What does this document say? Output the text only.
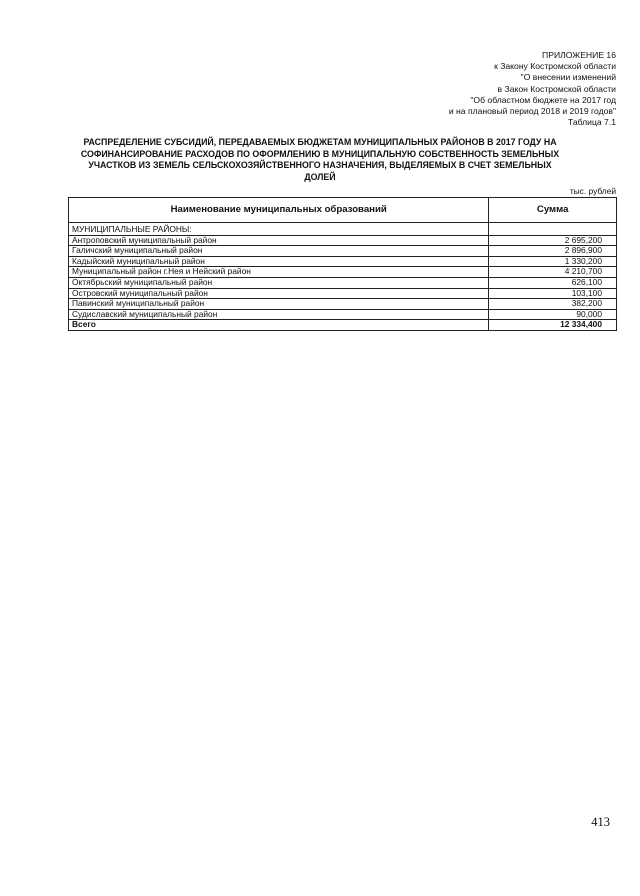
ПРИЛОЖЕНИЕ 16
к Закону Костромской области
"О внесении изменений
в Закон Костромской области
"Об областном бюджете на 2017 год
и на плановый период 2018 и 2019 годов"
Таблица 7.1
РАСПРЕДЕЛЕНИЕ СУБСИДИЙ, ПЕРЕДАВАЕМЫХ БЮДЖЕТАМ МУНИЦИПАЛЬНЫХ РАЙОНОВ В 2017 ГОДУ НА
СОФИНАНСИРОВАНИЕ РАСХОДОВ ПО ОФОРМЛЕНИЮ В МУНИЦИПАЛЬНУЮ СОБСТВЕННОСТЬ ЗЕМЕЛЬНЫХ
УЧАСТКОВ ИЗ ЗЕМЕЛЬ СЕЛЬСКОХОЗЯЙСТВЕННОГО НАЗНАЧЕНИЯ, ВЫДЕЛЯЕМЫХ В СЧЕТ ЗЕМЕЛЬНЫХ
ДОЛЕЙ
тыс. рублей
Наименование муниципальных образований	Сумма
МУНИЦИПАЛЬНЫЕ РАЙОНЫ:	
Антроповский муниципальный район	2 695,200
Галичский муниципальный район	2 896,900
Кадыйский муниципальный район	1 330,200
Муниципальный район г.Нея и Нейский район	4 210,700
Октябрьский муниципальный район	626,100
Островский муниципальный район	103,100
Павинский муниципальный район	382,200
Судиславский муниципальный район	90,000
Всего	12 334,400
413
